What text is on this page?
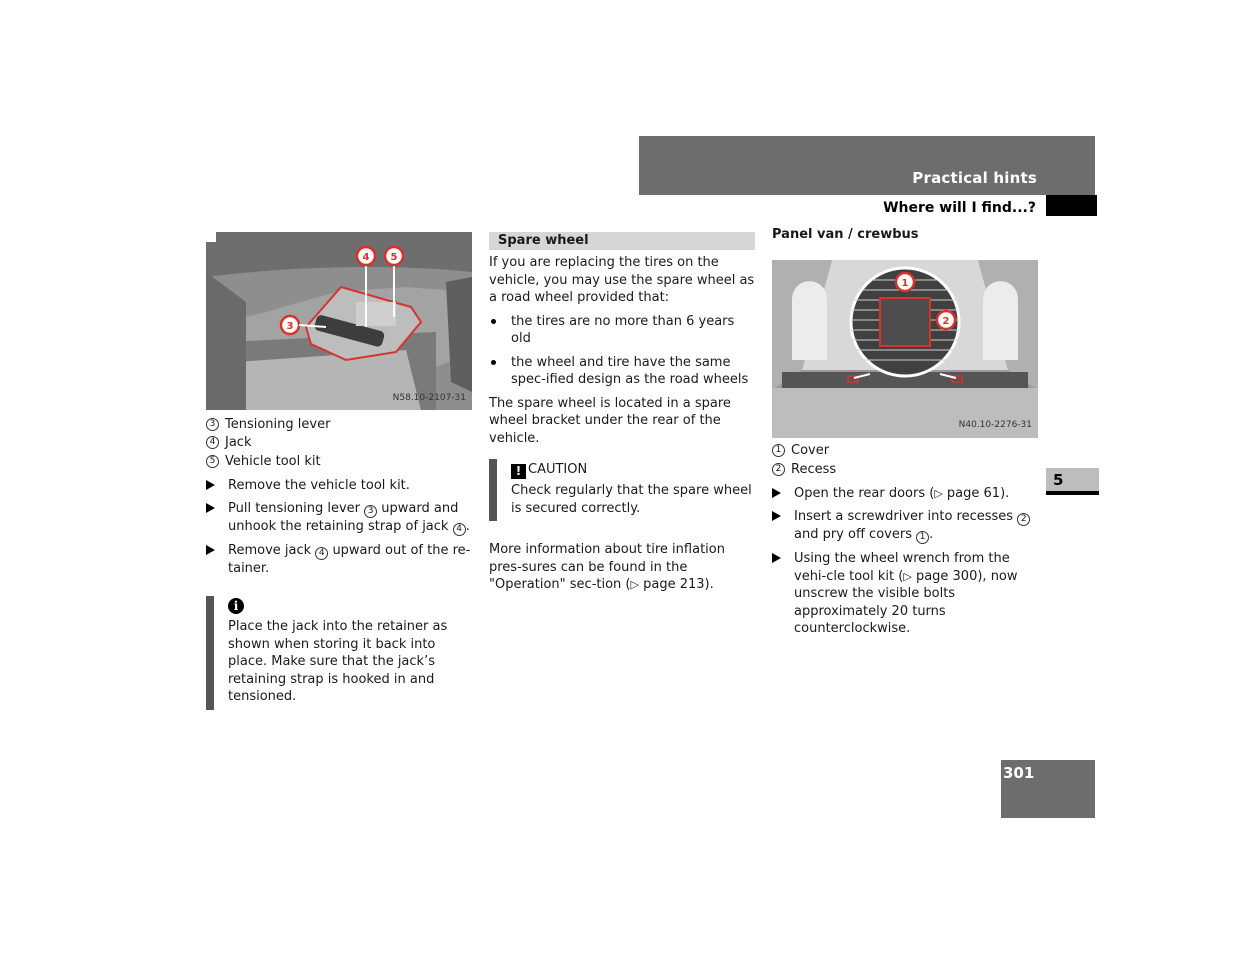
Practical hints
Where will I find...?
5
301
4 5
3
N58.10-2107-31
3 Tensioning lever
4 Jack
5 Vehicle tool kit
Remove the vehicle tool kit.
Pull tensioning lever 3 upward and unhook the retaining strap of jack 4 .
Remove jack 4 upward out of the re-tainer.
i
Place the jack into the retainer as shown when storing it back into place. Make sure that the jack’s retaining strap is hooked in and tensioned.
Spare wheel
If you are replacing the tires on the vehicle, you may use the spare wheel as a road wheel provided that:
the tires are no more than 6 years old
the wheel and tire have the same spec-ified design as the road wheels
The spare wheel is located in a spare wheel bracket under the rear of the vehicle.
! CAUTION
Check regularly that the spare wheel is secured correctly.
More information about tire inflation pres-sures can be found in the "Operation" sec-tion (▷ page 213).
Panel van / crewbus
1
2
N40.10-2276-31
1 Cover
2 Recess
Open the rear doors (▷ page 61).
Insert a screwdriver into recesses 2 and pry off covers 1 .
Using the wheel wrench from the vehi-cle tool kit (▷ page 300), now unscrew the visible bolts approximately 20 turns counterclockwise.
